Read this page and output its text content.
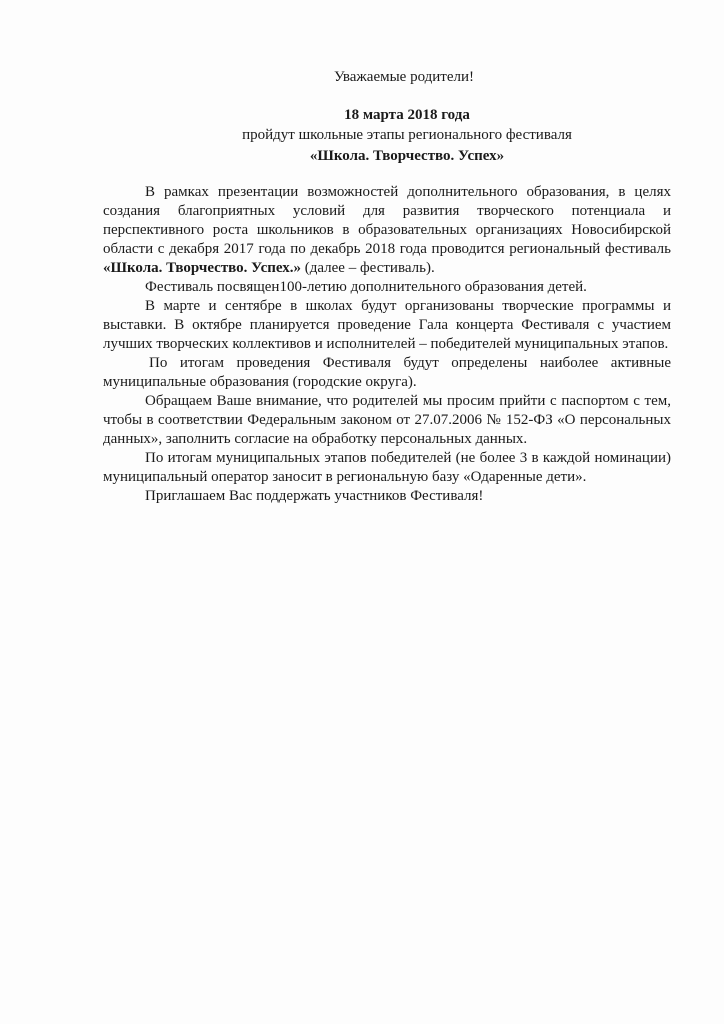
Уважаемые родители!
18 марта 2018 года
пройдут школьные этапы регионального фестиваля
«Школа. Творчество. Успех»

В рамках презентации возможностей дополнительного образования, в целях создания благоприятных условий для развития творческого потенциала и перспективного роста школьников в образовательных организациях Новосибирской области с декабря 2017 года по декабрь 2018 года проводится региональный фестиваль «Школа. Творчество. Успех.» (далее – фестиваль).

Фестиваль посвящен100-летию дополнительного образования детей.

В марте и сентябре в школах будут организованы творческие программы и выставки. В октябре планируется проведение Гала концерта Фестиваля с участием лучших творческих коллективов и исполнителей – победителей муниципальных этапов.

По итогам проведения Фестиваля будут определены наиболее активные муниципальные образования (городские округа).

Обращаем Ваше внимание, что родителей мы просим прийти с паспортом с тем, чтобы в соответствии Федеральным законом от 27.07.2006 № 152-ФЗ «О персональных данных», заполнить согласие на обработку персональных данных.

По итогам муниципальных этапов победителей (не более 3 в каждой номинации) муниципальный оператор заносит в региональную базу «Одаренные дети».

Приглашаем Вас поддержать участников Фестиваля!
